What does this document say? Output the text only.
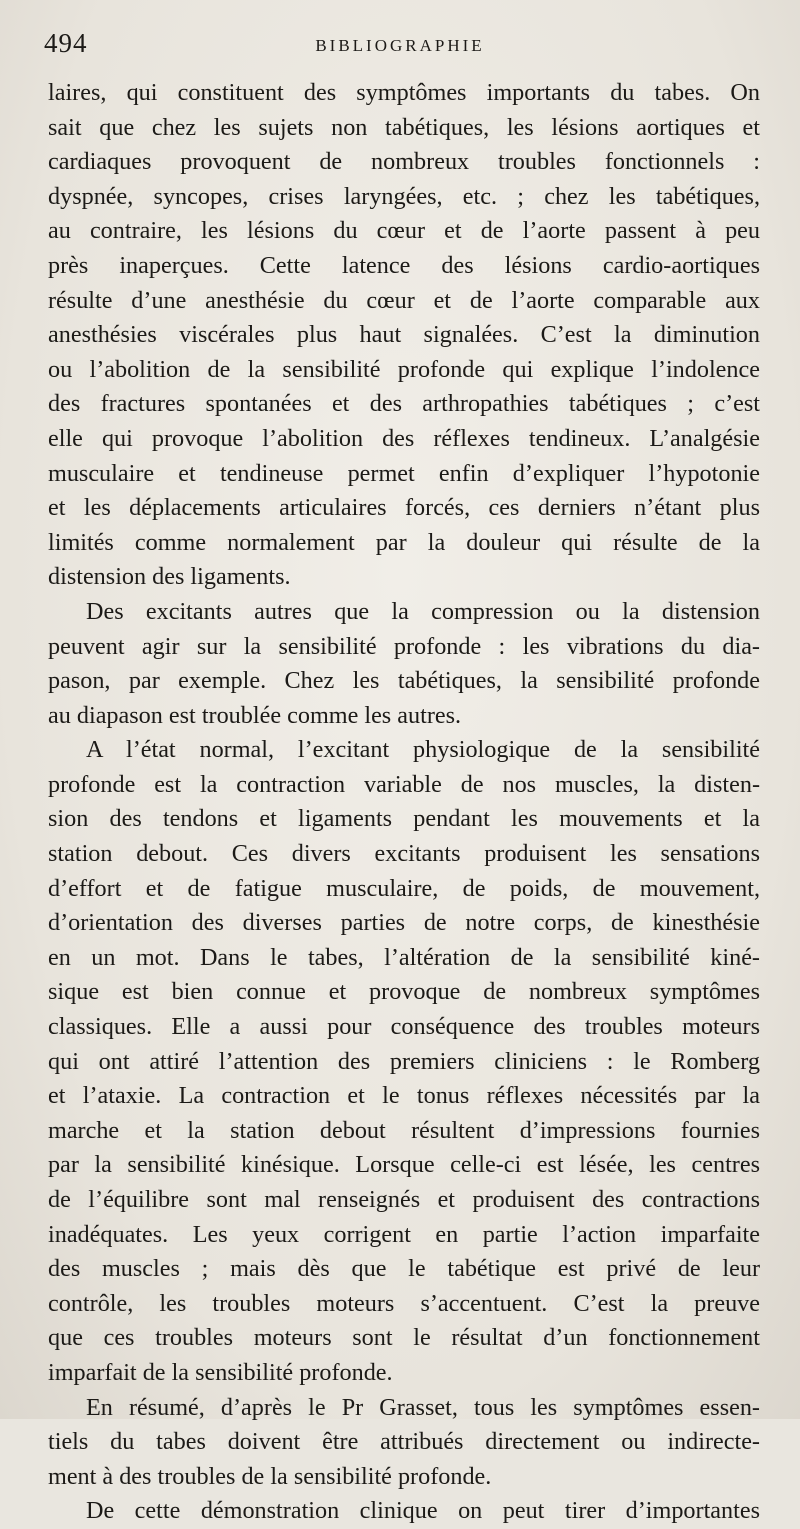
494	BIBLIOGRAPHIE
laires, qui constituent des symptômes importants du tabes. On
sait que chez les sujets non tabétiques, les lésions aortiques et
cardiaques provoquent de nombreux troubles fonctionnels :
dyspnée, syncopes, crises laryngées, etc. ; chez les tabétiques,
au contraire, les lésions du cœur et de l’aorte passent à peu
près inaperçues. Cette latence des lésions cardio-aortiques
résulte d’une anesthésie du cœur et de l’aorte comparable aux
anesthésies viscérales plus haut signalées. C’est la diminution
ou l’abolition de la sensibilité profonde qui explique l’indolence
des fractures spontanées et des arthropathies tabétiques ; c’est
elle qui provoque l’abolition des réflexes tendineux. L’analgésie
musculaire et tendineuse permet enfin d’expliquer l’hypotonie
et les déplacements articulaires forcés, ces derniers n’étant plus
limités comme normalement par la douleur qui résulte de la
distension des ligaments.
Des excitants autres que la compression ou la distension
peuvent agir sur la sensibilité profonde : les vibrations du dia-
pason, par exemple. Chez les tabétiques, la sensibilité profonde
au diapason est troublée comme les autres.
A l’état normal, l’excitant physiologique de la sensibilité
profonde est la contraction variable de nos muscles, la disten-
sion des tendons et ligaments pendant les mouvements et la
station debout. Ces divers excitants produisent les sensations
d’effort et de fatigue musculaire, de poids, de mouvement,
d’orientation des diverses parties de notre corps, de kinesthésie
en un mot. Dans le tabes, l’altération de la sensibilité kiné-
sique est bien connue et provoque de nombreux symptômes
classiques. Elle a aussi pour conséquence des troubles moteurs
qui ont attiré l’attention des premiers cliniciens : le Romberg
et l’ataxie. La contraction et le tonus réflexes nécessités par la
marche et la station debout résultent d’impressions fournies
par la sensibilité kinésique. Lorsque celle-ci est lésée, les centres
de l’équilibre sont mal renseignés et produisent des contractions
inadéquates. Les yeux corrigent en partie l’action imparfaite
des muscles ; mais dès que le tabétique est privé de leur
contrôle, les troubles moteurs s’accentuent. C’est la preuve
que ces troubles moteurs sont le résultat d’un fonctionnement
imparfait de la sensibilité profonde.
En résumé, d’après le Pr Grasset, tous les symptômes essen-
tiels du tabes doivent être attribués directement ou indirecte-
ment à des troubles de la sensibilité profonde.
De cette démonstration clinique on peut tirer d’importantes
